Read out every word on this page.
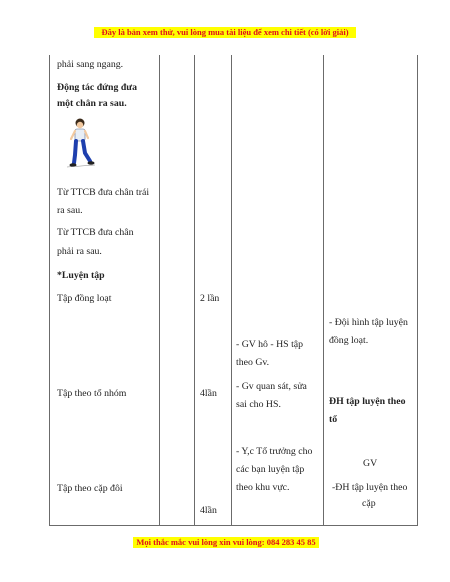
Đây là bản xem thử, vui lòng mua tài liệu để xem chi tiết (có lời giải)
phải sang ngang.
Động tác đứng đưa
một chân ra sau.
Từ TTCB đưa chân trái
ra sau.
Từ TTCB đưa chân
phải ra sau.
*Luyện tập
Tập đồng loạt
Tập theo tổ nhóm
Tập theo cặp đôi
2 lần
4lần
4lần
- GV hô - HS tập
theo Gv.
- Gv quan sát, sửa
sai cho HS.
- Y,c Tổ trưởng cho
các bạn luyện tập
theo khu vực.
- Đội hình tập luyện
đồng loạt.
ĐH tập luyện theo
tổ
GV
-ĐH tập luyện theo
cặp
Mọi thắc mắc vui lòng xin vui lòng: 084 283 45 85
